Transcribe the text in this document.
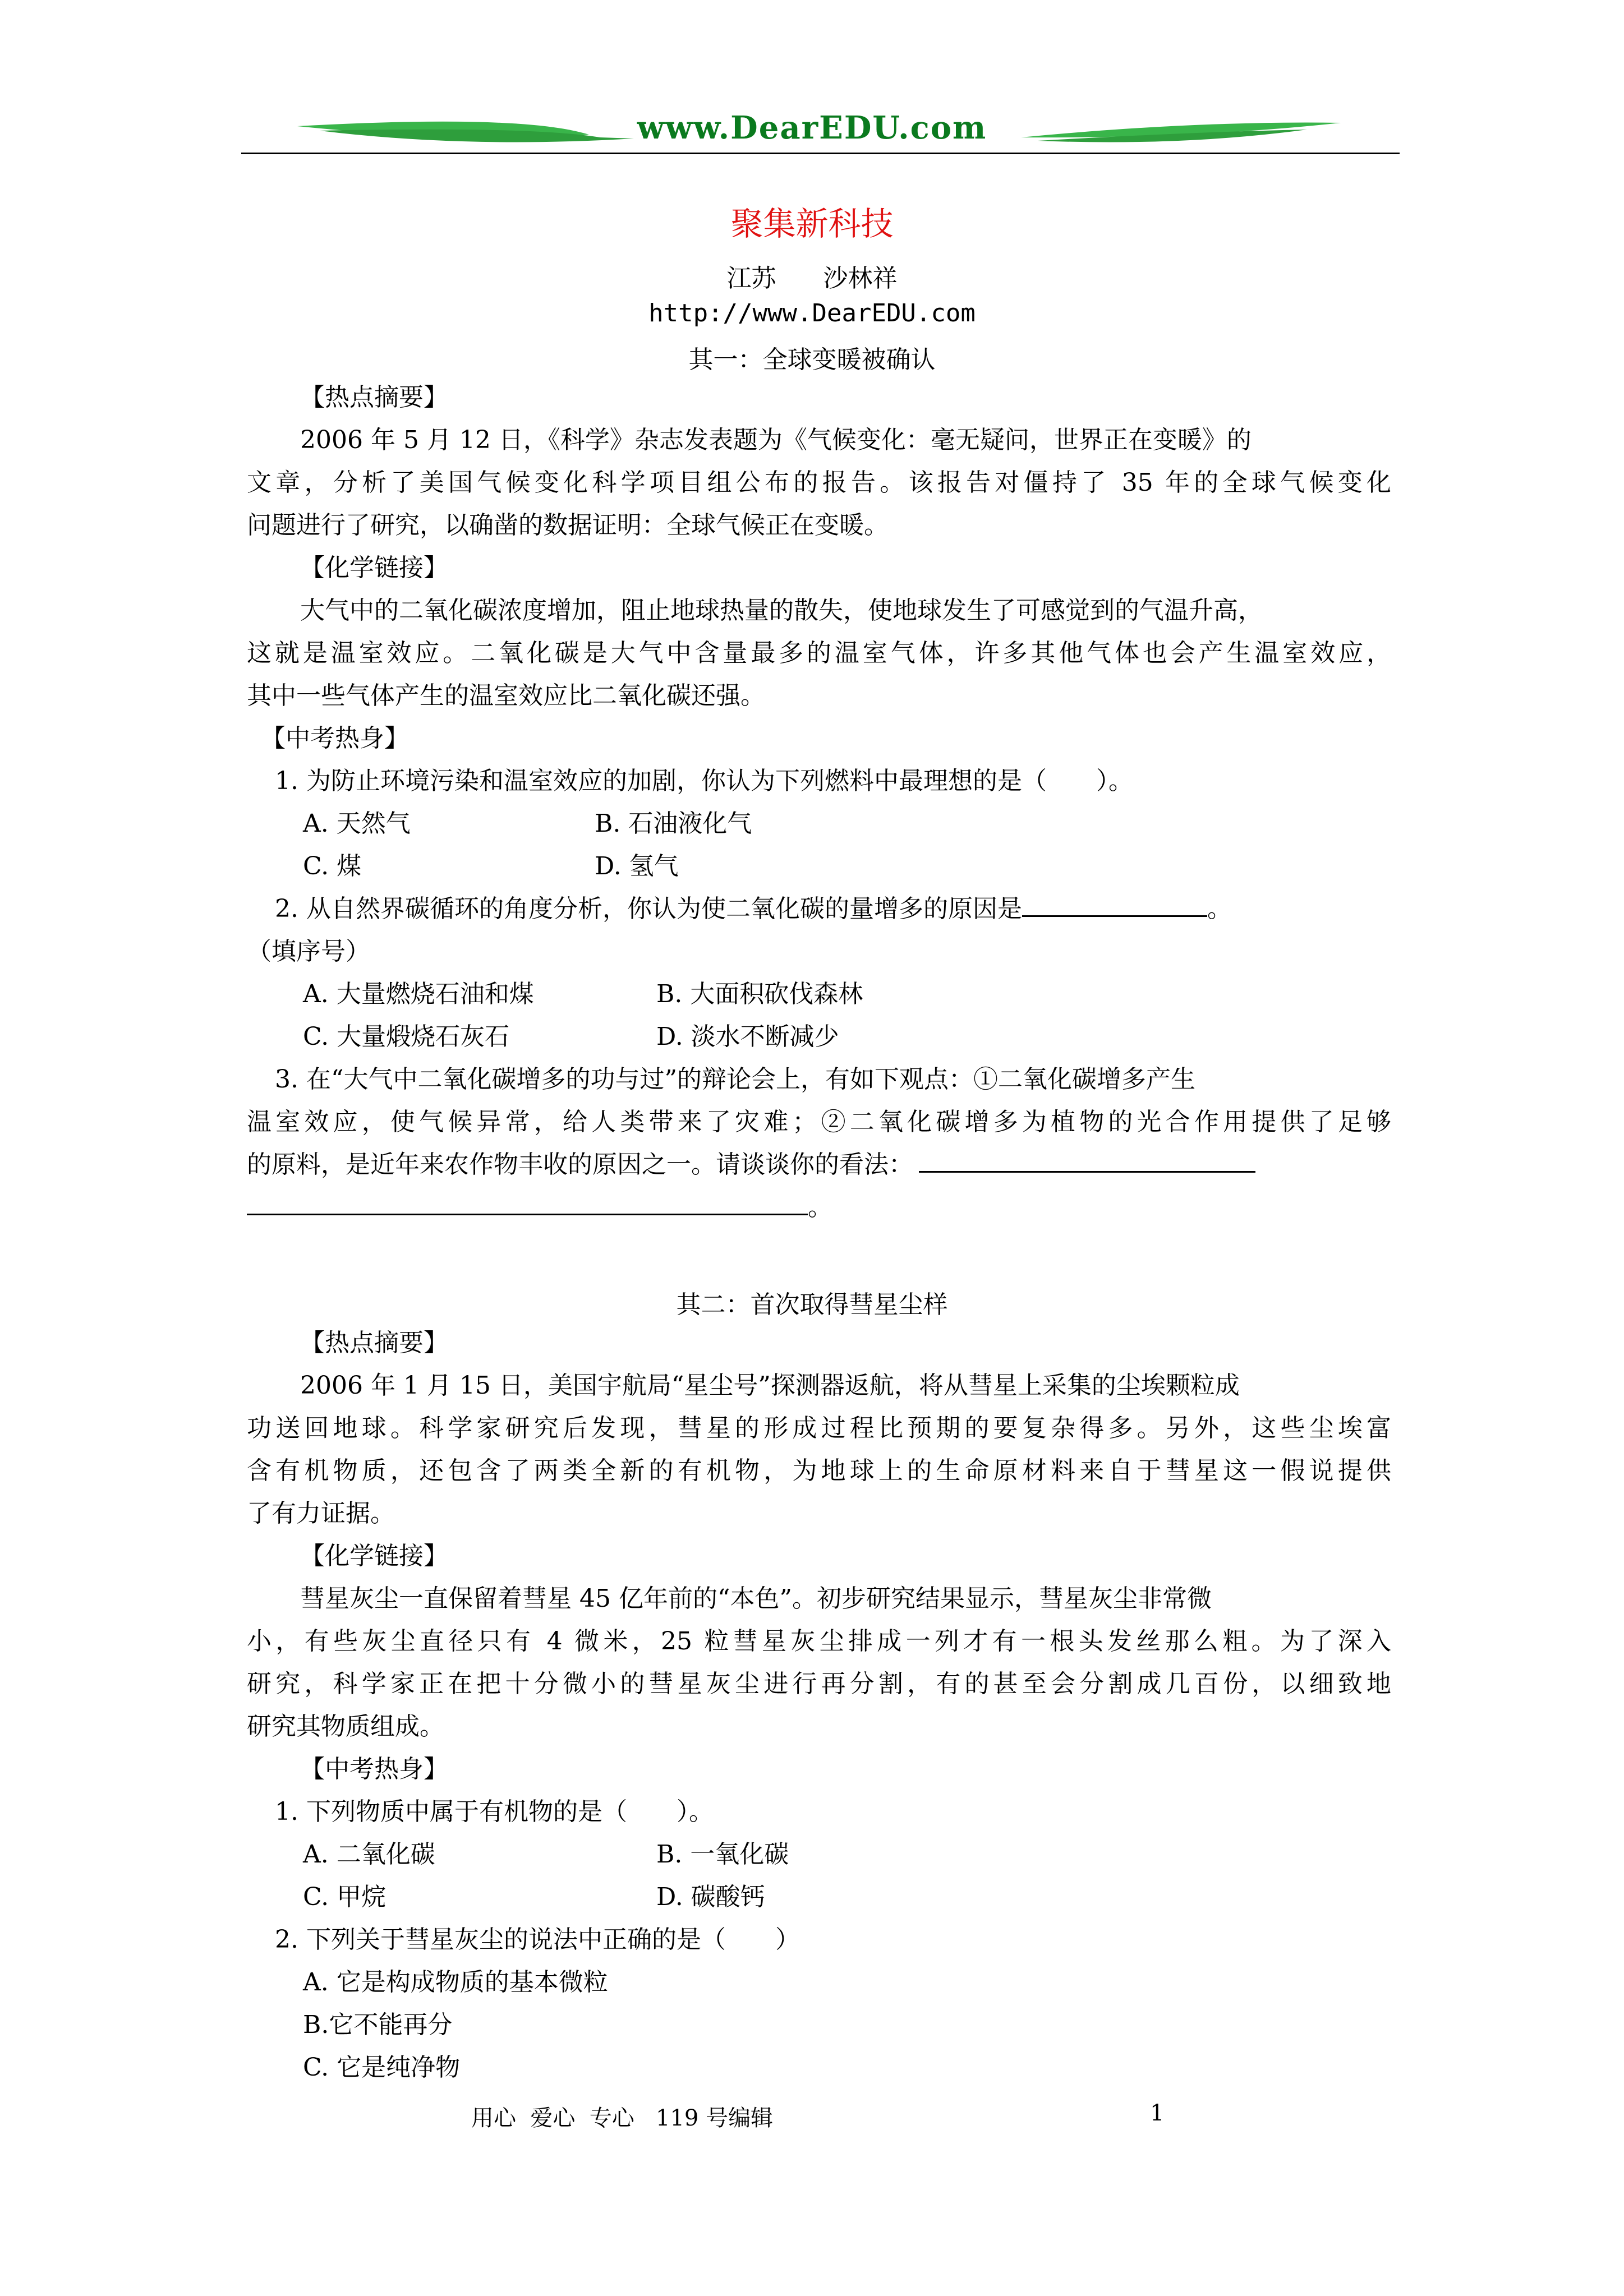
www.DearEDU.com
聚集新科技
江苏      沙林祥
http://www.DearEDU.com
其一：全球变暖被确认
【热点摘要】
2006 年 5 月 12 日，《科学》杂志发表题为《气候变化：毫无疑问，世界正在变暖》的
文章，分析了美国气候变化科学项目组公布的报告。该报告对僵持了 35 年的全球气候变化
问题进行了研究，以确凿的数据证明：全球气候正在变暖。
【化学链接】
大气中的二氧化碳浓度增加，阻止地球热量的散失，使地球发生了可感觉到的气温升高，
这就是温室效应。二氧化碳是大气中含量最多的温室气体，许多其他气体也会产生温室效应，
其中一些气体产生的温室效应比二氧化碳还强。
【中考热身】
1. 为防止环境污染和温室效应的加剧，你认为下列燃料中最理想的是（　　）。
A. 天然气	B. 石油液化气
C. 煤	D. 氢气
2. 从自然界碳循环的角度分析，你认为使二氧化碳的量增多的原因是	。
（填序号）
A. 大量燃烧石油和煤	B. 大面积砍伐森林
C. 大量煅烧石灰石	D. 淡水不断减少
3. 在“大气中二氧化碳增多的功与过”的辩论会上，有如下观点：①二氧化碳增多产生
温室效应，使气候异常，给人类带来了灾难；②二氧化碳增多为植物的光合作用提供了足够
的原料，是近年来农作物丰收的原因之一。请谈谈你的看法：
。
其二：首次取得彗星尘样
【热点摘要】
2006 年 1 月 15 日，美国宇航局“星尘号”探测器返航，将从彗星上采集的尘埃颗粒成
功送回地球。科学家研究后发现，彗星的形成过程比预期的要复杂得多。另外，这些尘埃富
含有机物质，还包含了两类全新的有机物，为地球上的生命原材料来自于彗星这一假说提供
了有力证据。
【化学链接】
彗星灰尘一直保留着彗星 45 亿年前的“本色”。初步研究结果显示，彗星灰尘非常微
小，有些灰尘直径只有 4 微米，25 粒彗星灰尘排成一列才有一根头发丝那么粗。为了深入
研究，科学家正在把十分微小的彗星灰尘进行再分割，有的甚至会分割成几百份，以细致地
研究其物质组成。
【中考热身】
1. 下列物质中属于有机物的是（　　）。
A. 二氧化碳	B. 一氧化碳
C. 甲烷	D. 碳酸钙
2. 下列关于彗星灰尘的说法中正确的是（　　）
A. 它是构成物质的基本微粒
B.它不能再分
C. 它是纯净物
用心  爱心  专心   119 号编辑	1
